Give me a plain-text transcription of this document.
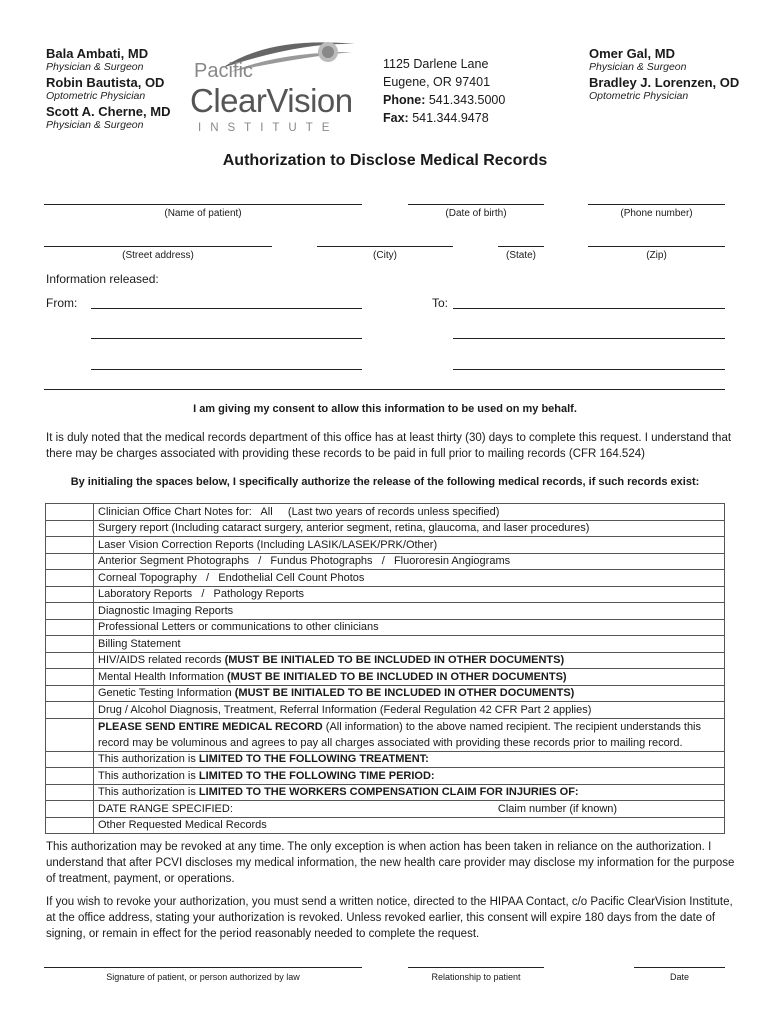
Bala Ambati, MD
Physician & Surgeon
Robin Bautista, OD
Optometric Physician
Scott A. Cherne, MD
Physician & Surgeon
Pacific
ClearVision
INSTITUTE
1125 Darlene Lane
Eugene, OR 97401
Phone: 541.343.5000
Fax: 541.344.9478
Omer Gal, MD
Physician & Surgeon
Bradley J. Lorenzen, OD
Optometric Physician
Authorization to Disclose Medical Records
(Name of patient)	(Date of birth)	(Phone number)
(Street address)	(City)	(State)	(Zip)
Information released:
From:	To:
I am giving my consent to allow this information to be used on my behalf.
It is duly noted that the medical records department of this office has at least thirty (30) days to complete this request. I understand that there may be charges associated with providing these records to be paid in full prior to mailing records (CFR 164.524)
By initialing the spaces below, I specifically authorize the release of the following medical records, if such records exist:
	Clinician Office Chart Notes for:   All     (Last two years of records unless specified)
	Surgery report (Including cataract surgery, anterior segment, retina, glaucoma, and laser procedures)
	Laser Vision Correction Reports (Including LASIK/LASEK/PRK/Other)
	Anterior Segment Photographs   /   Fundus Photographs   /   Fluororesin Angiograms
	Corneal Topography   /   Endothelial Cell Count Photos
	Laboratory Reports   /   Pathology Reports
	Diagnostic Imaging Reports
	Professional Letters or communications to other clinicians
	Billing Statement
	HIV/AIDS related records (MUST BE INITIALED TO BE INCLUDED IN OTHER DOCUMENTS)
	Mental Health Information (MUST BE INITIALED TO BE INCLUDED IN OTHER DOCUMENTS)
	Genetic Testing Information (MUST BE INITIALED TO BE INCLUDED IN OTHER DOCUMENTS)
	Drug / Alcohol Diagnosis, Treatment, Referral Information (Federal Regulation 42 CFR Part 2 applies)
	PLEASE SEND ENTIRE MEDICAL RECORD (All information) to the above named recipient. The recipient understands this record may be voluminous and agrees to pay all charges associated with providing these records prior to mailing record.
	This authorization is LIMITED TO THE FOLLOWING TREATMENT:
	This authorization is LIMITED TO THE FOLLOWING TIME PERIOD:
	This authorization is LIMITED TO THE WORKERS COMPENSATION CLAIM FOR INJURIES OF:
	DATE RANGE SPECIFIED: Claim number (if known)
	Other Requested Medical Records
This authorization may be revoked at any time. The only exception is when action has been taken in reliance on the authorization. I understand that after PCVI discloses my medical information, the new health care provider may disclose my information for the purpose of treatment, payment, or operations.
If you wish to revoke your authorization, you must send a written notice, directed to the HIPAA Contact, c/o Pacific ClearVision Institute, at the office address, stating your authorization is revoked. Unless revoked earlier, this consent will expire 180 days from the date of signing, or remain in effect for the period reasonably needed to complete the request.
Signature of patient, or person authorized by law	Relationship to patient	Date
